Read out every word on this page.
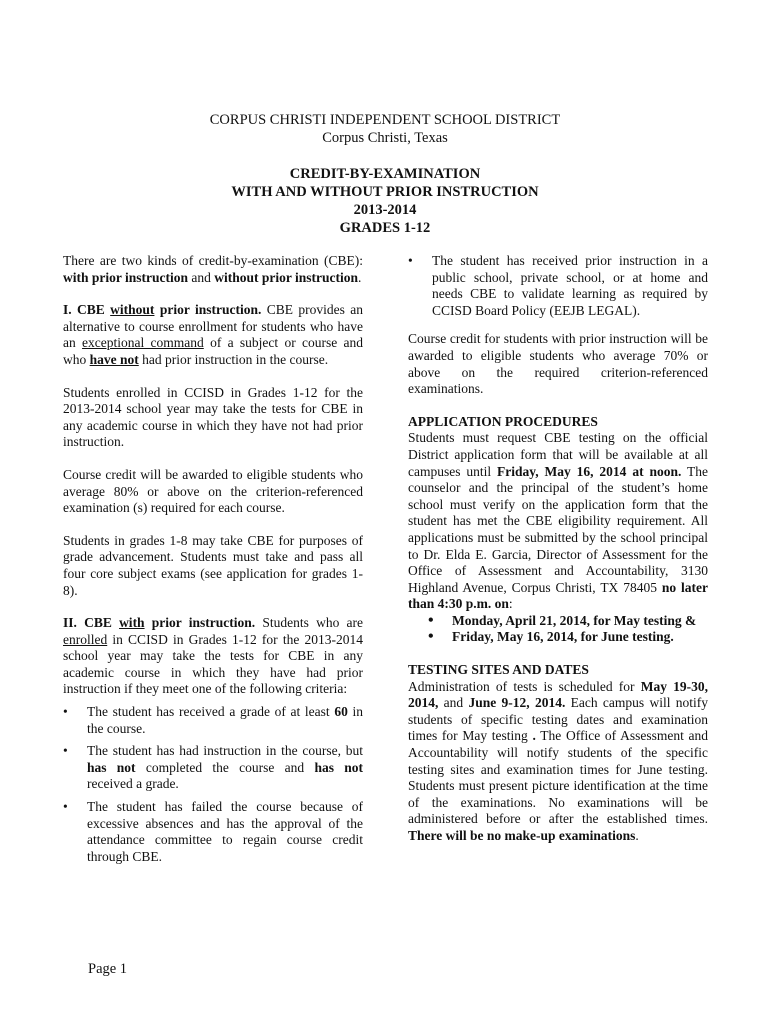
CORPUS CHRISTI INDEPENDENT SCHOOL DISTRICT
Corpus Christi, Texas
CREDIT-BY-EXAMINATION
WITH AND WITHOUT PRIOR INSTRUCTION
2013-2014
GRADES 1-12

There are two kinds of credit-by-examination (CBE): with prior instruction and without prior instruction.

I. CBE without prior instruction. CBE provides an alternative to course enrollment for students who have an exceptional command of a subject or course and who have not had prior instruction in the course.

Students enrolled in CCISD in Grades 1-12 for the 2013-2014 school year may take the tests for CBE in any academic course in which they have not had prior instruction.

Course credit will be awarded to eligible students who average 80% or above on the criterion-referenced examination (s) required for each course.

Students in grades 1-8 may take CBE for purposes of grade advancement. Students must take and pass all four core subject exams (see application for grades 1-8).

II. CBE with prior instruction. Students who are enrolled in CCISD in Grades 1-12 for the 2013-2014 school year may take the tests for CBE in any academic course in which they have had prior instruction if they meet one of the following criteria:

• The student has received a grade of at least 60 in the course.
• The student has had instruction in the course, but has not completed the course and has not received a grade.
• The student has failed the course because of excessive absences and has the approval of the attendance committee to regain course credit through CBE.
• The student has received prior instruction in a public school, private school, or at home and needs CBE to validate learning as required by CCISD Board Policy (EEJB LEGAL).

Course credit for students with prior instruction will be awarded to eligible students who average 70% or above on the required criterion-referenced examinations.

APPLICATION PROCEDURES

Students must request CBE testing on the official District application form that will be available at all campuses until Friday, May 16, 2014 at noon. The counselor and the principal of the student’s home school must verify on the application form that the student has met the CBE eligibility requirement. All applications must be submitted by the school principal to Dr. Elda E. Garcia, Director of Assessment for the Office of Assessment and Accountability, 3130 Highland Avenue, Corpus Christi, TX 78405 no later than 4:30 p.m. on:

• Monday, April 21, 2014, for May testing &
• Friday, May 16, 2014, for June testing.
TESTING SITES AND DATES

Administration of tests is scheduled for May 19-30, 2014, and June 9-12, 2014. Each campus will notify students of specific testing dates and examination times for May testing . The Office of Assessment and Accountability will notify students of the specific testing sites and examination times for June testing. Students must present picture identification at the time of the examinations. No examinations will be administered before or after the established times. There will be no make-up examinations.

Page 1
